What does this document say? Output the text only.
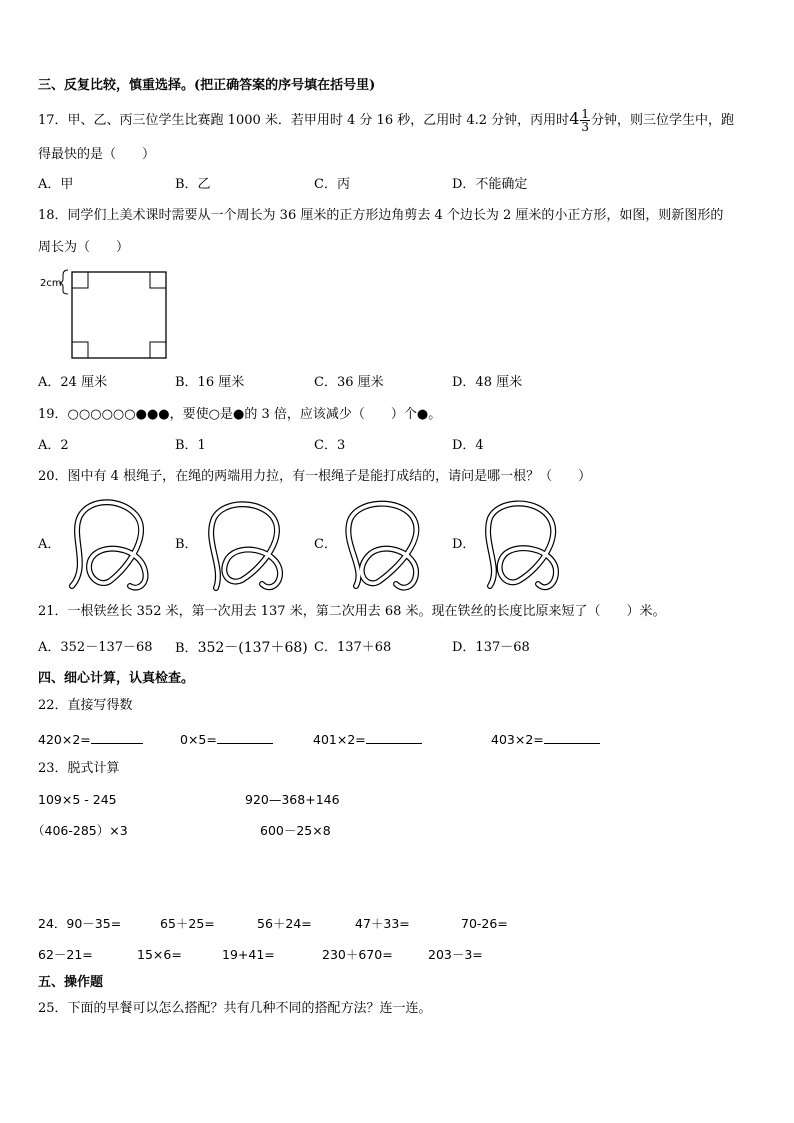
三、反复比较，慎重选择。(把正确答案的序号填在括号里)
17．甲、乙、丙三位学生比赛跑 1000 米．若甲用时 4 分 16 秒，乙用时 4.2 分钟，丙用时$4 \frac{1}{3}$ 分钟，则三位学生中，跑
得最快的是（　　）
A．甲	B．乙	C．丙	D．不能确定
18．同学们上美术课时需要从一个周长为 36 厘米的正方形边角剪去 4 个边长为 2 厘米的小正方形，如图，则新图形的
周长为（　　）
2cm
A．24 厘米	B．16 厘米	C．36 厘米	D．48 厘米
19．○○○○○○●●●，要使○是●的 3 倍，应该减少（　　）个●。
A．2	B．1	C．3	D．4
20．图中有 4 根绳子，在绳的两端用力拉，有一根绳子是能打成结的，请问是哪一根？（　　）
A．	B．	C．	D．
21．一根铁丝长 352 米，第一次用去 137 米，第二次用去 68 米。现在铁丝的长度比原来短了（　　）米。
A．352－137－68 B．352－(137＋68) C．137＋68	D．137－68
四、细心计算，认真检查。
22．直接写得数
420×2=	0×5=	401×2=	403×2=
23．脱式计算
109×5 - 245	920—368+146
（406-285）×3	600－25×8
24．90－35=	65＋25=	56＋24=	47＋33=	70-26=
62－21=	15×6=	19+41=	230＋670=	203－3=
五、操作题
25．下面的早餐可以怎么搭配？共有几种不同的搭配方法？连一连。
